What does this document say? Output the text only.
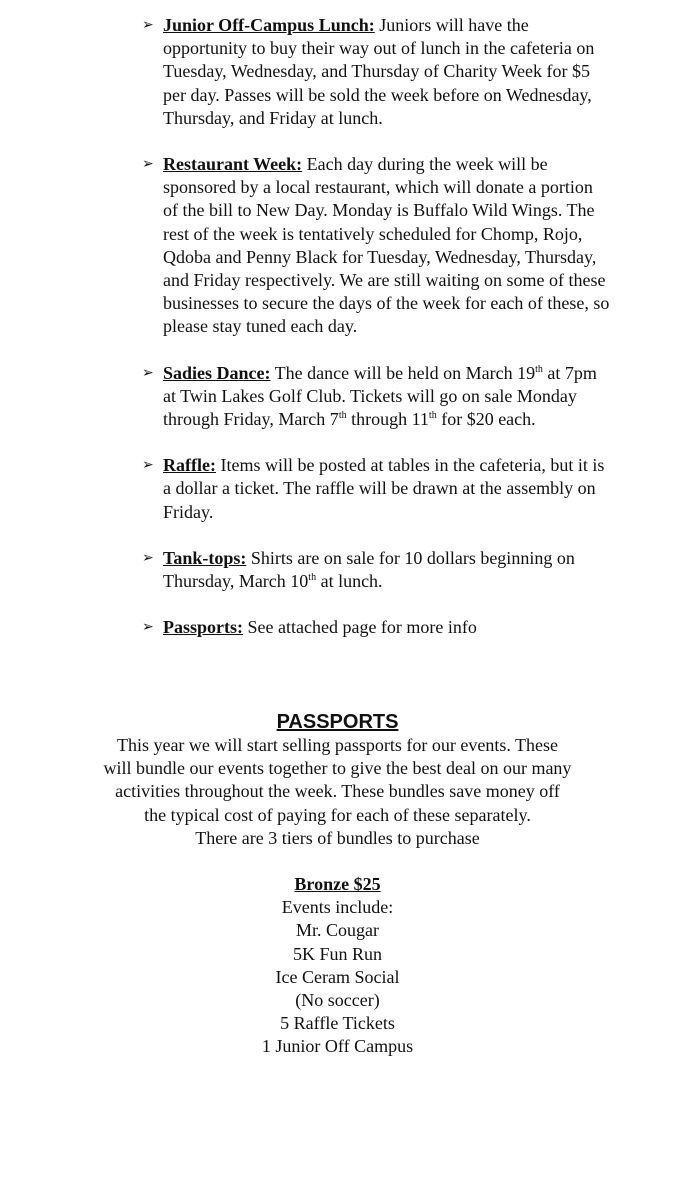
➢ Junior Off-Campus Lunch: Juniors will have the opportunity to buy their way out of lunch in the cafeteria on Tuesday, Wednesday, and Thursday of Charity Week for $5 per day. Passes will be sold the week before on Wednesday, Thursday, and Friday at lunch.
➢ Restaurant Week: Each day during the week will be sponsored by a local restaurant, which will donate a portion of the bill to New Day. Monday is Buffalo Wild Wings. The rest of the week is tentatively scheduled for Chomp, Rojo, Qdoba and Penny Black for Tuesday, Wednesday, Thursday, and Friday respectively. We are still waiting on some of these businesses to secure the days of the week for each of these, so please stay tuned each day.
➢ Sadies Dance: The dance will be held on March 19th at 7pm at Twin Lakes Golf Club. Tickets will go on sale Monday through Friday, March 7th through 11th for $20 each.
➢ Raffle: Items will be posted at tables in the cafeteria, but it is a dollar a ticket. The raffle will be drawn at the assembly on Friday.
➢ Tank-tops: Shirts are on sale for 10 dollars beginning on Thursday, March 10th at lunch.
➢ Passports: See attached page for more info
PASSPORTS
This year we will start selling passports for our events. These
will bundle our events together to give the best deal on our many
activities throughout the week. These bundles save money off
the typical cost of paying for each of these separately.
There are 3 tiers of bundles to purchase
Bronze $25
Events include:
Mr. Cougar
5K Fun Run
Ice Ceram Social
(No soccer)
5 Raffle Tickets
1 Junior Off Campus
